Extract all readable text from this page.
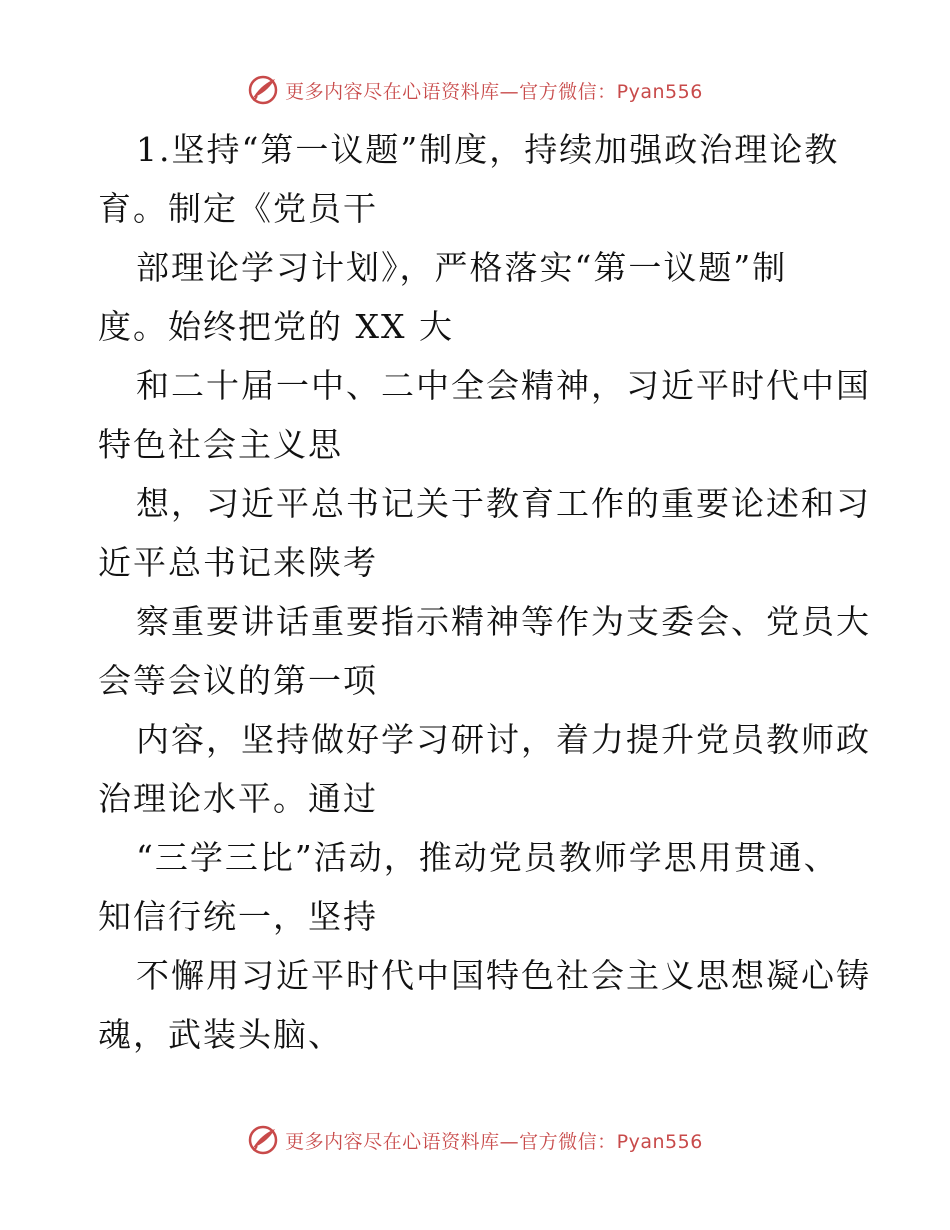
更多内容尽在心语资料库—官方微信：Pyan556
1.坚持“第一议题”制度，持续加强政治理论教
育。制定《党员干
部理论学习计划》，严格落实“第一议题”制
度。始终把党的 XX 大
和二十届一中、二中全会精神，习近平时代中国
特色社会主义思
想，习近平总书记关于教育工作的重要论述和习
近平总书记来陕考
察重要讲话重要指示精神等作为支委会、党员大
会等会议的第一项
内容，坚持做好学习研讨，着力提升党员教师政
治理论水平。通过
“三学三比”活动，推动党员教师学思用贯通、
知信行统一，坚持
不懈用习近平时代中国特色社会主义思想凝心铸
魂，武装头脑、
更多内容尽在心语资料库—官方微信：Pyan556
